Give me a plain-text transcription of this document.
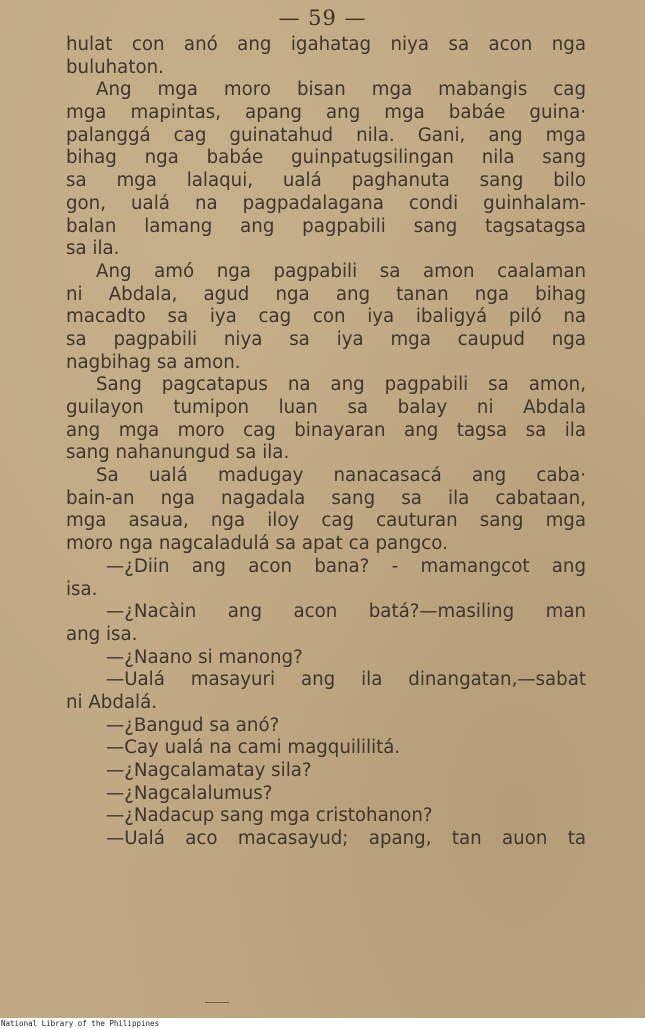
— 59 —
hulat con anó ang igahatag niya sa acon nga
buluhaton.
Ang mga moro bisan mga mabangis cag
mga mapintas, apang ang mga babáe guina·
palanggá cag guinatahud nila. Gani, ang mga
bihag nga babáe guinpatugsilingan nila sang
sa mga lalaqui, ualá paghanuta sang bilo
gon, ualá na pagpadalagana condi guinhalam-
balan lamang ang pagpabili sang tagsatagsa
sa ila.
Ang amó nga pagpabili sa amon caalaman
ni Abdala, agud nga ang tanan nga bihag
macadto sa iya cag con iya ibaligyá piló na
sa pagpabili niya sa iya mga caupud nga
nagbihag sa amon.
Sang pagcatapus na ang pagpabili sa amon,
guilayon tumipon luan sa balay ni Abdala
ang mga moro cag binayaran ang tagsa sa ila
sang nahanungud sa ila.
Sa ualá madugay nanacasacá ang caba·
bain-an nga nagadala sang sa ila cabataan,
mga asaua, nga iloy cag cauturan sang mga
moro nga nagcaladulá sa apat ca pangco.
—¿Diin ang acon bana? - mamangcot ang
isa.
—¿Nacàin ang acon batá?—masiling man
ang isa.
—¿Naano si manong?
—Ualá masayuri ang ila dinangatan,—sabat
ni Abdalá.
—¿Bangud sa anó?
—Cay ualá na cami magquililitá.
—¿Nagcalamatay sila?
—¿Nagcalalumus?
—¿Nadacup sang mga cristohanon?
—Ualá aco macasayud; apang, tan auon ta
National Library of the Philippines
